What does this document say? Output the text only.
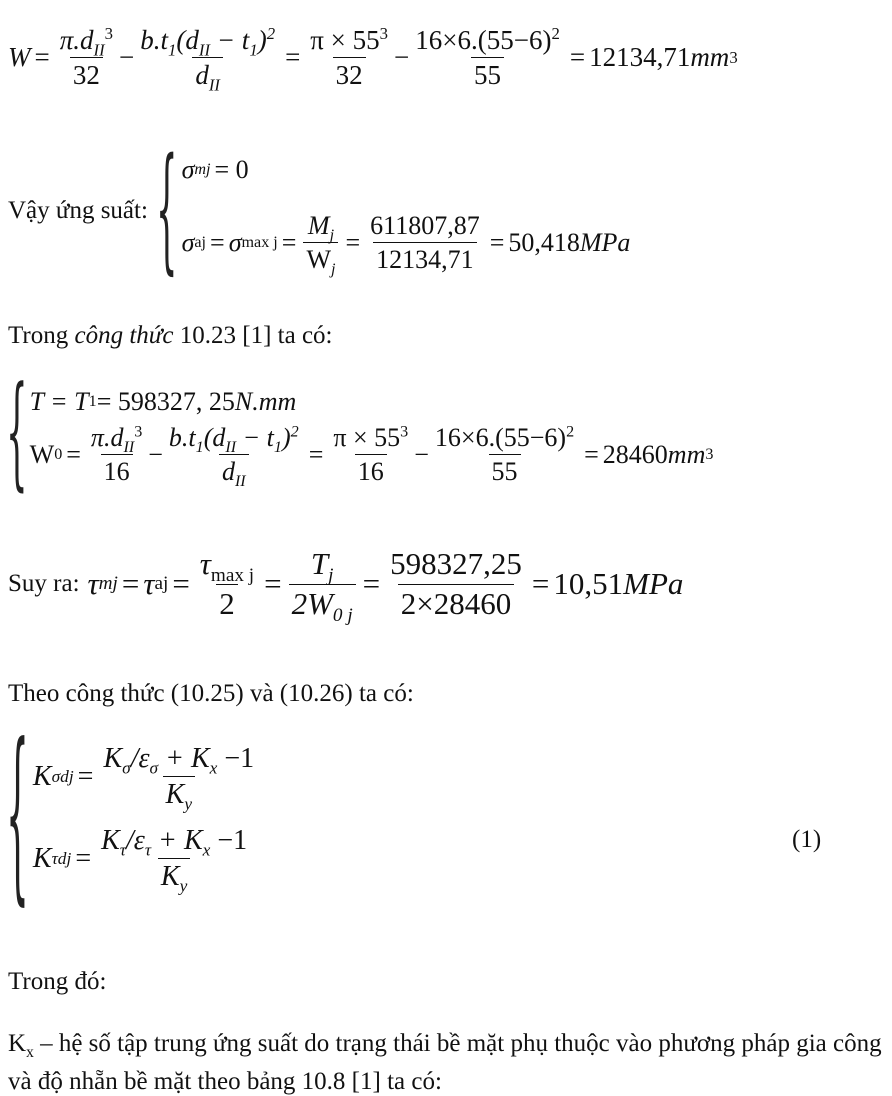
$W = \frac{\pi.d_{II}^3}{32} - \frac{b.t_1(d_{II} - t_1)^2}{d_{II}} = \frac{\pi \times 55^3}{32} - \frac{16\times 6.(55-6)^2}{55} = 12134,71$ mm 3
Vậy ứng suất: { σ mj = 0
σ aj = σ $\max j = \frac{M_j}{W_j} = \frac{611807,87}{12134,71} = 50,418$ MPa
Trong công thức 10.23 [1] ta có:
{ T = T 1 = 598327, 25 N.mm
W $0 = \frac{\pi.d_{II}^3}{16} - \frac{b.t_1(d_{II} - t_1)^2}{d_{II}} = \frac{\pi \times 55^3}{16} - \frac{16\times 6.(55-6)^2}{55} = 28460$ mm 3
Suy ra: τ mj = τ aj = $\frac{\tau_{max j}}{2} = \frac{T_j}{2W_{0 j}} = \frac{598327,25}{2\times 28460} = 10,51$ MPa
Theo công thức (10.25) và (10.26) ta có:
{ K $\sigma dj = \frac{K_\sigma/\varepsilon_\sigma + K_x -1}{K_y}$
K $\tau dj = \frac{K_\tau/\varepsilon_\tau + K_x -1}{K_y}$	(1)
Trong đó:
$K_x$ – hệ số tập trung ứng suất do trạng thái bề mặt phụ thuộc vào phương pháp gia công
và độ nhẵn bề mặt theo bảng 10.8 [1] ta có:
